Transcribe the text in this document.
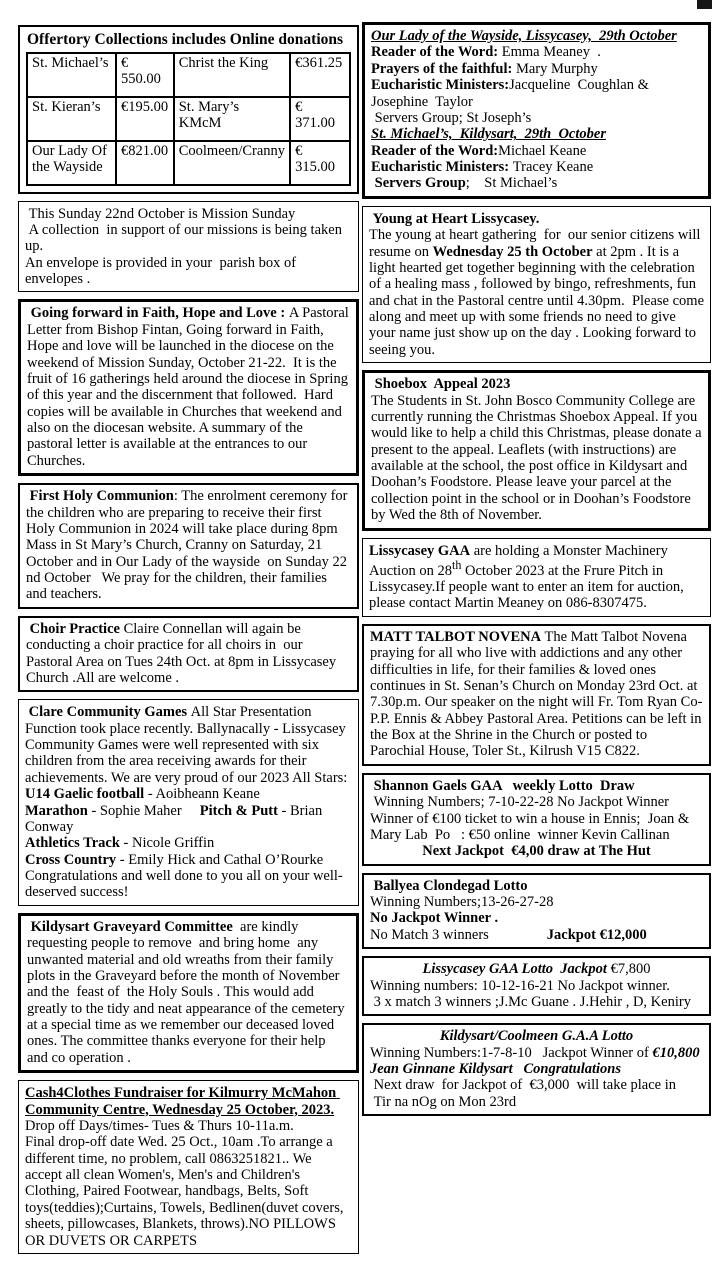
Offertory Collections includes Online donations
St. Michael’s	€ 550.00	Christ the King	€361.25
St. Kieran’s	€195.00	St. Mary’s KMcM	€ 371.00
Our Lady Of the Wayside	€821.00	Coolmeen/Cranny	€ 315.00

This Sunday 22nd October is Mission Sunday

A collection  in support of our missions is being taken up.

An envelope is provided in your  parish box of envelopes .

Going forward in Faith, Hope and Love : A Pastoral Letter from Bishop Fintan, Going forward in Faith, Hope and love will be launched in the diocese on the weekend of Mission Sunday, October 21-22.  It is the fruit of 16 gatherings held around the diocese in Spring of this year and the discernment that followed.  Hard copies will be available in Churches that weekend and also on the diocesan website. A summary of the pastoral letter is available at the entrances to our Churches.

First Holy Communion: The enrolment ceremony for the children who are preparing to receive their first Holy Communion in 2024 will take place during 8pm Mass in St Mary’s Church, Cranny on Saturday, 21 October and in Our Lady of the wayside  on Sunday 22 nd October   We pray for the children, their families and teachers.

Choir Practice Claire Connellan will again be conducting a choir practice for all choirs in  our Pastoral Area on Tues 24th Oct. at 8pm in Lissycasey Church .All are welcome .

Clare Community Games All Star Presentation Function took place recently. Ballynacally - Lissycasey Community Games were well represented with six children from the area receiving awards for their achievements. We are very proud of our 2023 All Stars:

U14 Gaelic football - Aoibheann Keane

Marathon - Sophie Maher     Pitch & Putt - Brian Conway

Athletics Track - Nicole Griffin

Cross Country - Emily Hick and Cathal O’Rourke

Congratulations and well done to you all on your well-deserved success!

Kildysart Graveyard Committee  are kindly requesting people to remove  and bring home  any unwanted material and old wreaths from their family plots in the Graveyard before the month of November and the  feast of  the Holy Souls . This would add greatly to the tidy and neat appearance of the cemetery at a special time as we remember our deceased loved ones. The committee thanks everyone for their help and co operation .

Cash4Clothes Fundraiser for Kilmurry McMahon Community Centre, Wednesday 25 October, 2023.

Drop off Days/times- Tues & Thurs 10-11a.m.

Final drop-off date Wed. 25 Oct., 10am .To arrange a different time, no problem, call 0863251821.. We accept all clean Women's, Men's and Children's Clothing, Paired Footwear, handbags, Belts, Soft toys(teddies);Curtains, Towels, Bedlinen(duvet covers, sheets, pillowcases, Blankets, throws).NO PILLOWS OR DUVETS OR CARPETS

Our Lady of the Wayside, Lissycasey,  29th October

Reader of the Word: Emma Meaney  .

Prayers of the faithful: Mary Murphy

Eucharistic Ministers:Jacqueline  Coughlan & Josephine  Taylor

Servers Group; St Joseph’s

St. Michael’s,  Kildysart,  29th  October

Reader of the Word:Michael Keane

Eucharistic Ministers: Tracey Keane

Servers Group;    St Michael’s

Young at Heart Lissycasey.

The young at heart gathering  for  our senior citizens will resume on Wednesday 25 th October at 2pm . It is a light hearted get together beginning with the celebration of a healing mass , followed by bingo, refreshments, fun and chat in the Pastoral centre until 4.30pm.  Please come along and meet up with some friends no need to give your name just show up on the day . Looking forward to seeing you.

Shoebox  Appeal 2023

The Students in St. John Bosco Community College are currently running the Christmas Shoebox Appeal. If you would like to help a child this Christmas, please donate a present to the appeal. Leaflets (with instructions) are available at the school, the post office in Kildysart and Doohan’s Foodstore. Please leave your parcel at the collection point in the school or in Doohan’s Foodstore by Wed the 8th of November.

Lissycasey GAA are holding a Monster Machinery Auction on 28th October 2023 at the Frure Pitch in Lissycasey.If people want to enter an item for auction, please contact Martin Meaney on 086-8307475.

MATT TALBOT NOVENA The Matt Talbot Novena praying for all who live with addictions and any other difficulties in life, for their families & loved ones continues in St. Senan’s Church on Monday 23rd Oct. at 7.30p.m. Our speaker on the night will Fr. Tom Ryan Co-P.P. Ennis & Abbey Pastoral Area. Petitions can be left in the Box at the Shrine in the Church or posted to Parochial House, Toler St., Kilrush V15 C822.

Shannon Gaels GAA   weekly Lotto  Draw

Winning Numbers; 7-10-22-28 No Jackpot Winner

Winner of €100 ticket to win a house in Ennis;  Joan & Mary Lab  Po   : €50 online  winner Kevin Callinan

Next Jackpot  €4,00 draw at The Hut

Ballyea Clondegad Lotto

Winning Numbers;13-26-27-28

No Jackpot Winner .

No Match 3 winners	Jackpot €12,000

Lissycasey GAA Lotto  Jackpot €7,800

Winning numbers: 10-12-16-21 No Jackpot winner.

3 x match 3 winners ;J.Mc Guane . J.Hehir , D, Keniry

Kildysart/Coolmeen G.A.A Lotto

Winning Numbers:1-7-8-10   Jackpot Winner of €10,800

Jean Ginnane Kildysart   Congratulations

Next draw  for Jackpot of  €3,000  will take place in

Tir na nOg on Mon 23rd
